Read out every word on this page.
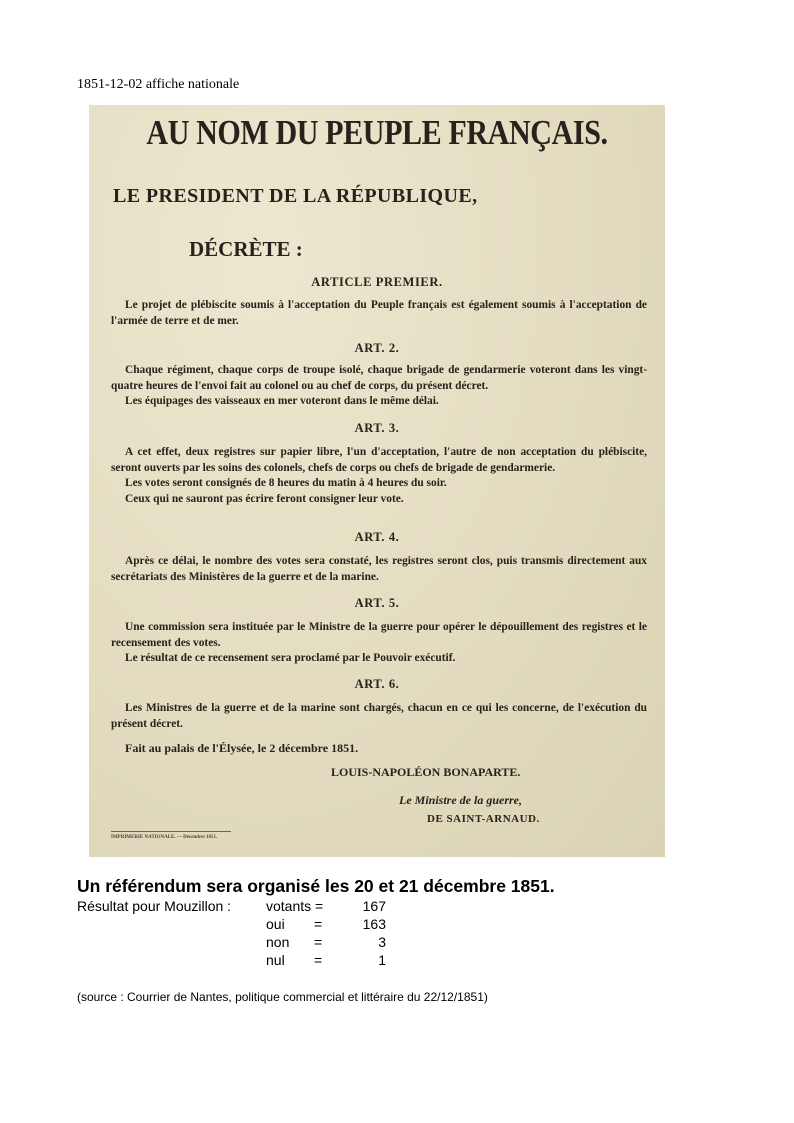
1851-12-02 affiche nationale
AU NOM DU PEUPLE FRANÇAIS.
LE PRESIDENT DE LA RÉPUBLIQUE,
DÉCRÈTE :
ARTICLE PREMIER.

Le projet de plébiscite soumis à l'acceptation du Peuple français est également soumis à l'acceptation de l'armée de terre et de mer.

ART. 2.

Chaque régiment, chaque corps de troupe isolé, chaque brigade de gendarmerie voteront dans les vingt-quatre heures de l'envoi fait au colonel ou au chef de corps, du présent décret.

Les équipages des vaisseaux en mer voteront dans le même délai.

ART. 3.

A cet effet, deux registres sur papier libre, l'un d'acceptation, l'autre de non acceptation du plébiscite, seront ouverts par les soins des colonels, chefs de corps ou chefs de brigade de gendarmerie.

Les votes seront consignés de 8 heures du matin à 4 heures du soir.

Ceux qui ne sauront pas écrire feront consigner leur vote.

ART. 4.

Après ce délai, le nombre des votes sera constaté, les registres seront clos, puis transmis directement aux secrétariats des Ministères de la guerre et de la marine.

ART. 5.

Une commission sera instituée par le Ministre de la guerre pour opérer le dépouillement des registres et le recensement des votes.

Le résultat de ce recensement sera proclamé par le Pouvoir exécutif.

ART. 6.

Les Ministres de la guerre et de la marine sont chargés, chacun en ce qui les concerne, de l'exécution du présent décret.

Fait au palais de l'Élysée, le 2 décembre 1851.
LOUIS-NAPOLÉON BONAPARTE.
Le Ministre de la guerre,
DE SAINT-ARNAUD.
IMPRIMERIE NATIONALE. — Décembre 1851.
Un référendum sera organisé les 20 et 21 décembre 1851.
Résultat pour Mouzillon : votants =	167
oui =	163
non =	3
nul =	1
(source : Courrier de Nantes, politique commercial et littéraire du 22/12/1851)
